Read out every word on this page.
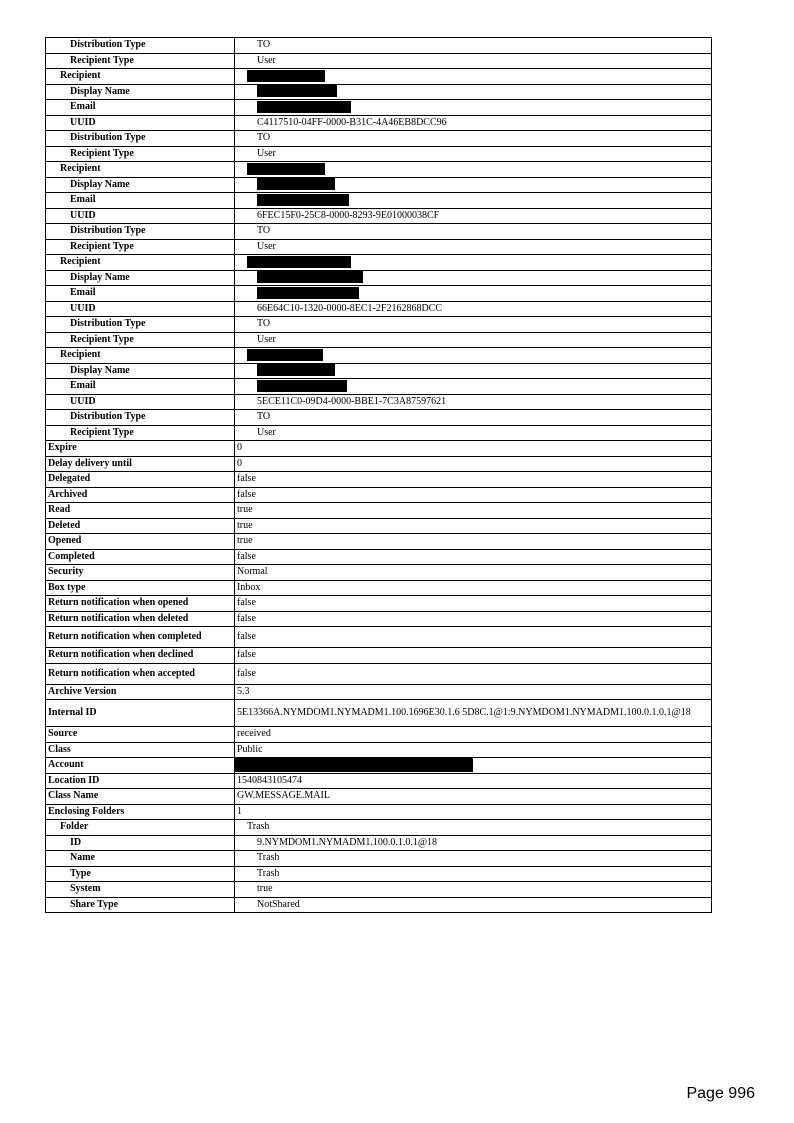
Distribution Type	TO
Recipient Type	User
Recipient	
Display Name	
Email	
UUID	C4117510-04FF-0000-B31C-4A46EB8DCC96
Distribution Type	TO
Recipient Type	User
Recipient	
Display Name	
Email	
UUID	6FEC15F0-25C8-0000-8293-9E01000038CF
Distribution Type	TO
Recipient Type	User
Recipient	
Display Name	
Email	
UUID	66E64C10-1320-0000-8EC1-2F2162868DCC
Distribution Type	TO
Recipient Type	User
Recipient	
Display Name	
Email	
UUID	5ECE11C0-09D4-0000-BBE1-7C3A87597621
Distribution Type	TO
Recipient Type	User
Expire	0
Delay delivery until	0
Delegated	false
Archived	false
Read	true
Deleted	true
Opened	true
Completed	false
Security	Normal
Box type	Inbox
Return notification when opened	false
Return notification when deleted	false
Return notification when completed	false
Return notification when declined	false
Return notification when accepted	false
Archive Version	5.3
Internal ID	5E13366A.NYMDOM1.NYMADM1.100.1696E30.1.6 5D8C.1@1:9.NYMDOM1.NYMADM1.100.0.1.0.1@18
Source	received
Class	Public
Account	
Location ID	1540843105474
Class Name	GW.MESSAGE.MAIL
Enclosing Folders	1
Folder	Trash
ID	9.NYMDOM1.NYMADM1.100.0.1.0.1@18
Name	Trash
Type	Trash
System	true
Share Type	NotShared
Page 996
